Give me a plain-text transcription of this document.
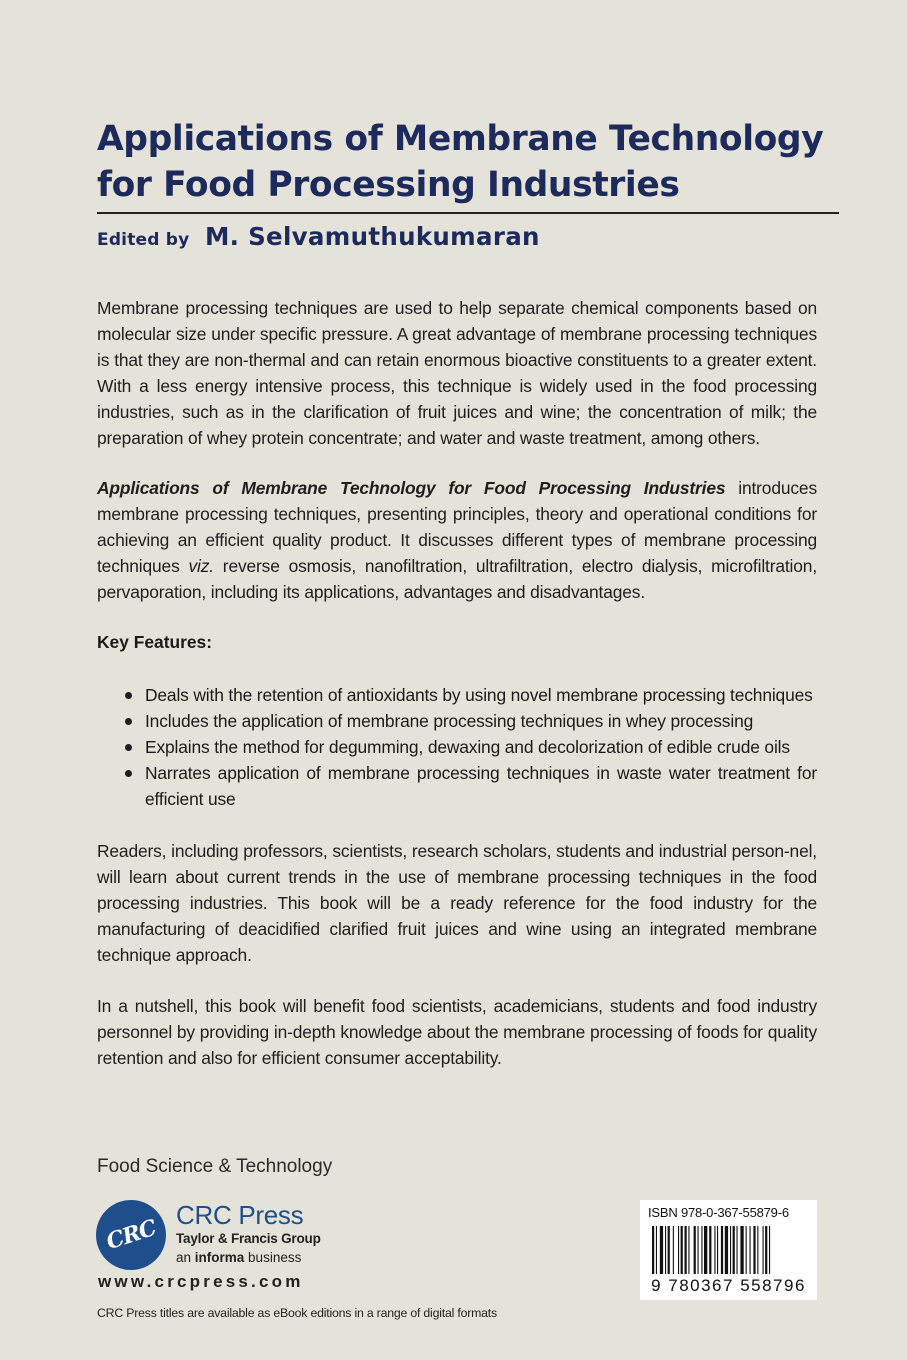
Applications of Membrane Technology
for Food Processing Industries
Edited by M. Selvamuthukumaran
Membrane processing techniques are used to help separate chemical components based on molecular size under specific pressure. A great advantage of membrane processing techniques is that they are non-thermal and can retain enormous bioactive constituents to a greater extent. With a less energy intensive process, this technique is widely used in the food processing industries, such as in the clarification of fruit juices and wine; the concentration of milk; the preparation of whey protein concentrate; and water and waste treatment, among others.
Applications of Membrane Technology for Food Processing Industries introduces membrane processing techniques, presenting principles, theory and operational conditions for achieving an efficient quality product. It discusses different types of membrane processing techniques viz. reverse osmosis, nanofiltration, ultrafiltration, electro dialysis, microfiltration, pervaporation, including its applications, advantages and disadvantages.
Key Features:
Deals with the retention of antioxidants by using novel membrane processing techniques
Includes the application of membrane processing techniques in whey processing
Explains the method for degumming, dewaxing and decolorization of edible crude oils
Narrates application of membrane processing techniques in waste water treatment for efficient use
Readers, including professors, scientists, research scholars, students and industrial person-nel, will learn about current trends in the use of membrane processing techniques in the food processing industries. This book will be a ready reference for the food industry for the manufacturing of deacidified clarified fruit juices and wine using an integrated membrane technique approach.
In a nutshell, this book will benefit food scientists, academicians, students and food industry personnel by providing in-depth knowledge about the membrane processing of foods for quality retention and also for efficient consumer acceptability.
Food Science & Technology
CRC CRC Press
Taylor & Francis Group
an informa business
www.crcpress.com
CRC Press titles are available as eBook editions in a range of digital formats
ISBN 978-0-367-55879-6
9 780367 558796
